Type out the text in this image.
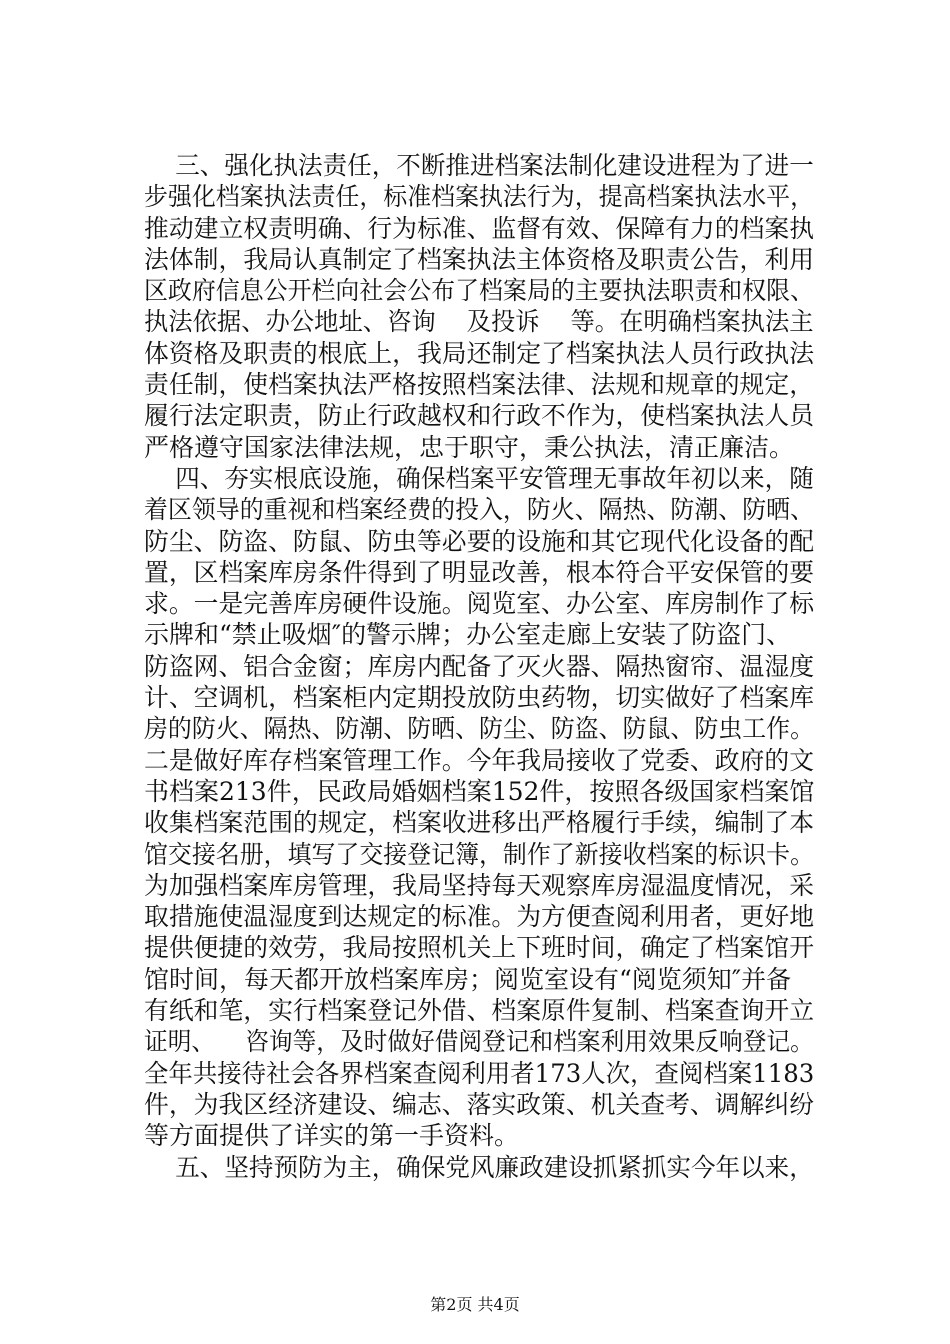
三、强化执法责任，不断推进档案法制化建设进程为了进一
步强化档案执法责任，标准档案执法行为，提高档案执法水平，
推动建立权责明确、行为标准、监督有效、保障有力的档案执
法体制，我局认真制定了档案执法主体资格及职责公告，利用
区政府信息公开栏向社会公布了档案局的主要执法职责和权限、
执法依据、办公地址、咨询    及投诉    等。在明确档案执法主
体资格及职责的根底上，我局还制定了档案执法人员行政执法
责任制，使档案执法严格按照档案法律、法规和规章的规定，
履行法定职责，防止行政越权和行政不作为，使档案执法人员
严格遵守国家法律法规，忠于职守，秉公执法，清正廉洁。
四、夯实根底设施，确保档案平安管理无事故年初以来，随
着区领导的重视和档案经费的投入，防火、隔热、防潮、防晒、
防尘、防盗、防鼠、防虫等必要的设施和其它现代化设备的配
置，区档案库房条件得到了明显改善，根本符合平安保管的要
求。一是完善库房硬件设施。阅览室、办公室、库房制作了标
示牌和“禁止吸烟″的警示牌；办公室走廊上安装了防盗门、
防盗网、铝合金窗；库房内配备了灭火器、隔热窗帘、温湿度
计、空调机，档案柜内定期投放防虫药物，切实做好了档案库
房的防火、隔热、防潮、防晒、防尘、防盗、防鼠、防虫工作。
二是做好库存档案管理工作。今年我局接收了党委、政府的文
书档案213件，民政局婚姻档案152件，按照各级国家档案馆
收集档案范围的规定，档案收进移出严格履行手续，编制了本
馆交接名册，填写了交接登记簿，制作了新接收档案的标识卡。
为加强档案库房管理，我局坚持每天观察库房湿温度情况，采
取措施使温湿度到达规定的标准。为方便查阅利用者，更好地
提供便捷的效劳，我局按照机关上下班时间，确定了档案馆开
馆时间，每天都开放档案库房；阅览室设有“阅览须知″并备
有纸和笔，实行档案登记外借、档案原件复制、档案查询开立
证明、    咨询等，及时做好借阅登记和档案利用效果反响登记。
全年共接待社会各界档案查阅利用者173人次，查阅档案1183
件，为我区经济建设、编志、落实政策、机关查考、调解纠纷
等方面提供了详实的第一手资料。
五、坚持预防为主，确保党风廉政建设抓紧抓实今年以来，
第2页 共4页
